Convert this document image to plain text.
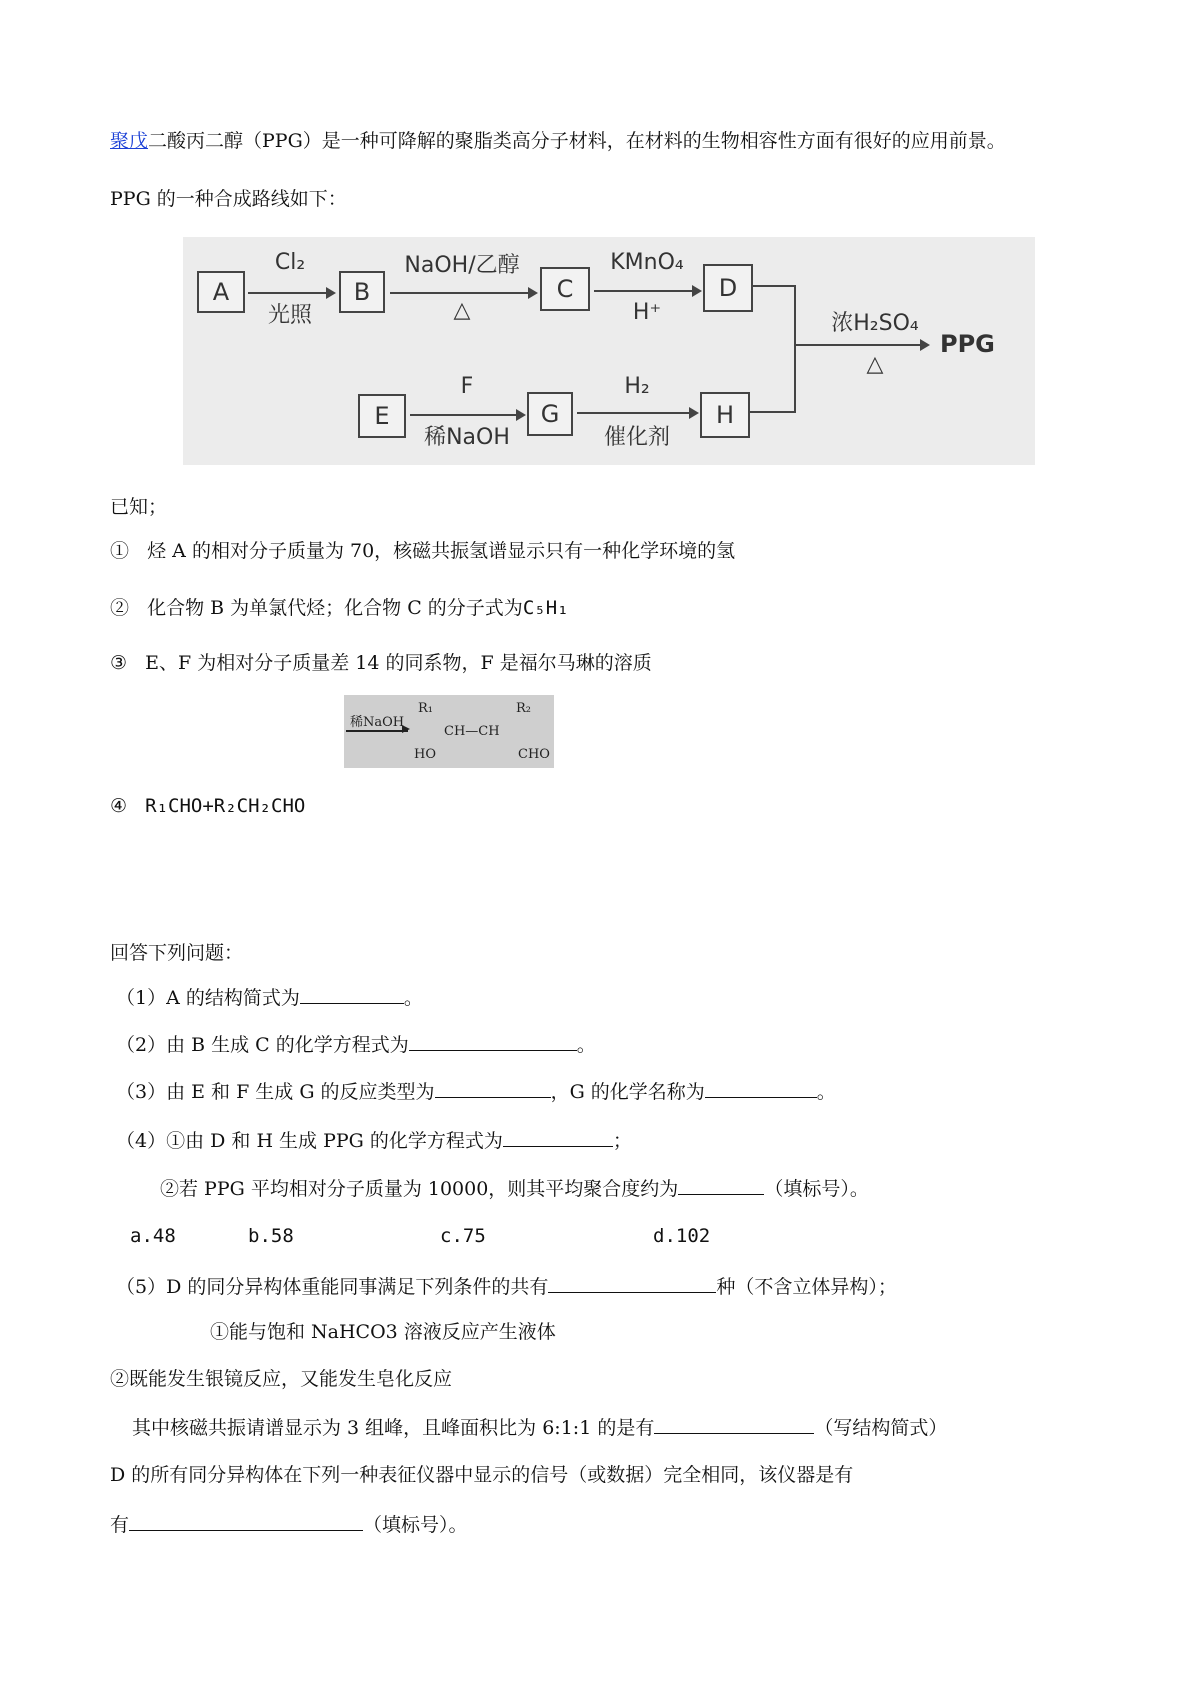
聚戊二酸丙二醇（PPG）是一种可降解的聚脂类高分子材料，在材料的生物相容性方面有很好的应用前景。
PPG 的一种合成路线如下：
A
Cl₂
光照
B
NaOH/乙醇
△
C
KMnO₄
H⁺
D
E
F
稀NaOH
G
H₂
催化剂
H
浓H₂SO₄
△
PPG
已知；
① 烃 A 的相对分子质量为 70，核磁共振氢谱显示只有一种化学环境的氢
② 化合物 B 为单氯代烃；化合物 C 的分子式为C₅H₁
③ E、F 为相对分子质量差 14 的同系物，F 是福尔马琳的溶质
稀NaOH
R₁	R₂
CH—CH
HO	CHO
④ R₁CHO+R₂CH₂CHO
回答下列问题：
（1）A 的结构简式为	。
（2）由 B 生成 C 的化学方程式为	。
（3）由 E 和 F 生成 G 的反应类型为	，G 的化学名称为	。
（4）①由 D 和 H 生成 PPG 的化学方程式为	；
②若 PPG 平均相对分子质量为 10000，则其平均聚合度约为	（填标号）。
a.48	b.58	c.75	d.102
（5）D 的同分异构体重能同事满足下列条件的共有	种（不含立体异构）；
①能与饱和 NaHCO3 溶液反应产生液体
②既能发生银镜反应，又能发生皂化反应
其中核磁共振请谱显示为 3 组峰，且峰面积比为 6:1:1 的是有	（写结构简式）
D 的所有同分异构体在下列一种表征仪器中显示的信号（或数据）完全相同，该仪器是有
有	（填标号）。
